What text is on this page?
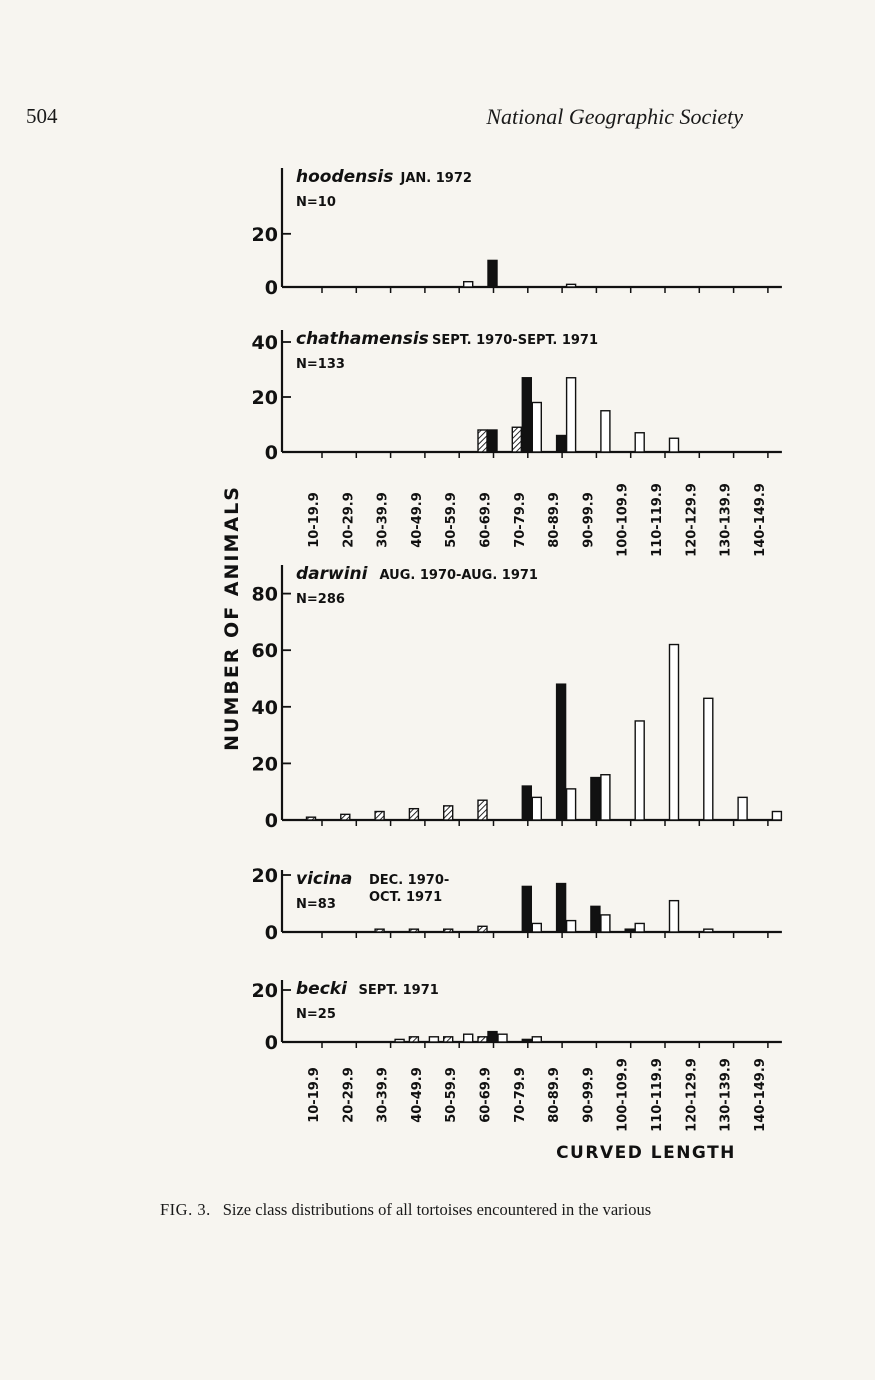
504	National Geographic Society
NUMBER OF ANIMALS
CURVED LENGTH
20
0
hoodensis JAN. 1972
N=10
40
20
0
chathamensis SEPT. 1970-SEPT. 1971
N=133
10-19.9 20-29.9 30-39.9 40-49.9 50-59.9 60-69.9 70-79.9 80-89.9 90-99.9 100-109.9 110-119.9 120-129.9 130-139.9 140-149.9
80
60
40
20
0
darwini AUG. 1970-AUG. 1971
N=286
20
0
vicina DEC. 1970-
OCT. 1971
N=83
20
0
becki SEPT. 1971
N=25
10-19.9 20-29.9 30-39.9 40-49.9 50-59.9 60-69.9 70-79.9 80-89.9 90-99.9 100-109.9 110-119.9 120-129.9 130-139.9 140-149.9
FIG. 3. Size class distributions of all tortoises encountered in the various
